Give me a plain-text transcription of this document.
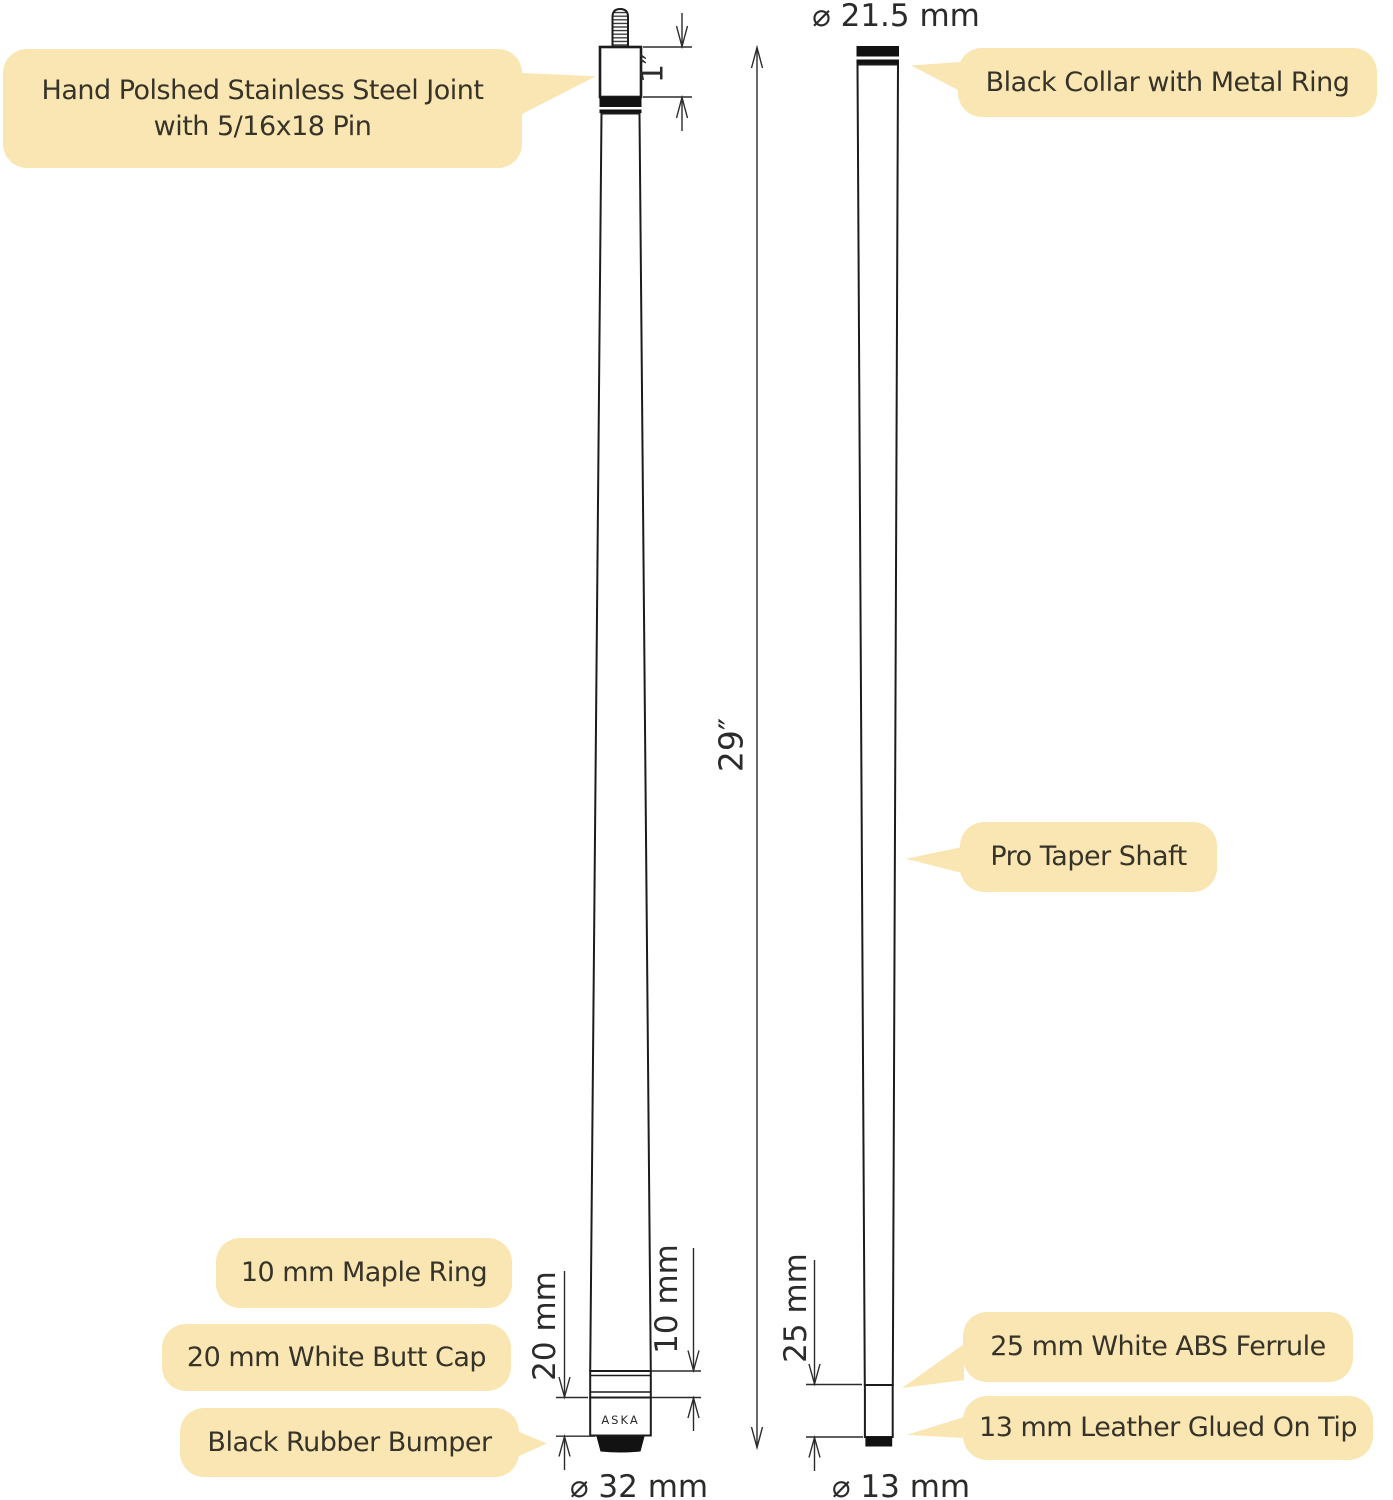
ASKA
1″
29″
20 mm	10 mm	25 mm
⌀ 21.5 mm
⌀ 32 mm	⌀ 13 mm
Hand Polshed Stainless Steel Joint
with 5/16x18 Pin
Black Collar with Metal Ring
Pro Taper Shaft
25 mm White ABS Ferrule
13 mm Leather Glued On Tip
10 mm Maple Ring
20 mm White Butt Cap
Black Rubber Bumper
